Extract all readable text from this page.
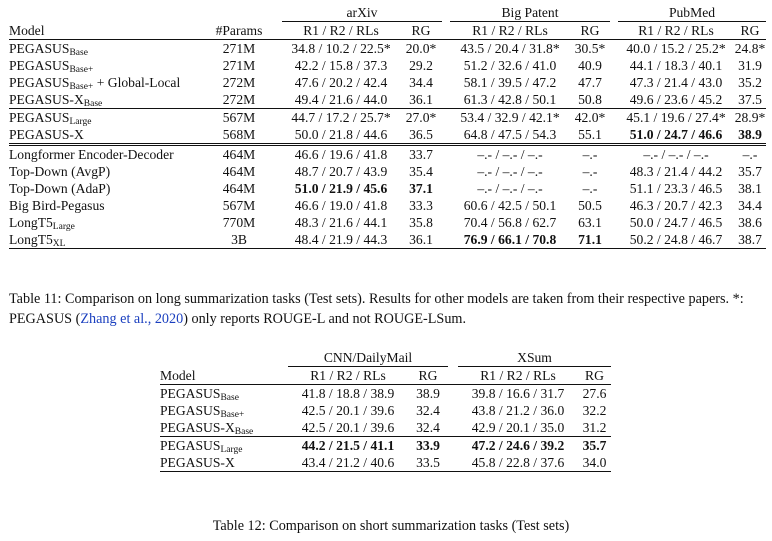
			arXiv			Big Patent			PubMed	
Model	#Params		R1 / R2 / RLs	RG		R1 / R2 / RLs	RG		R1 / R2 / RLs	RG
$PEGASUS_{Base}$	271M		34.8 / 10.2 / 22.5*	20.0*		43.5 / 20.4 / 31.8*	30.5*		40.0 / 15.2 / 25.2*	24.8*
$PEGASUS_{Base+}$	271M		42.2 / 15.8 / 37.3	29.2		51.2 / 32.6 / 41.0	40.9		44.1 / 18.3 / 40.1	31.9
$PEGASUS_{Base+}$ + Global-Local	272M		47.6 / 20.2 / 42.4	34.4		58.1 / 39.5 / 47.2	47.7		47.3 / 21.4 / 43.0	35.2
PEGASUS-$X_{Base}$	272M		49.4 / 21.6 / 44.0	36.1		61.3 / 42.8 / 50.1	50.8		49.6 / 23.6 / 45.2	37.5
$PEGASUS_{Large}$	567M		44.7 / 17.2 / 25.7*	27.0*		53.4 / 32.9 / 42.1*	42.0*		45.1 / 19.6 / 27.4*	28.9*
PEGASUS-X	568M		50.0 / 21.8 / 44.6	36.5		64.8 / 47.5 / 54.3	55.1		51.0 / 24.7 / 46.6	38.9
Longformer Encoder-Decoder	464M		46.6 / 19.6 / 41.8	33.7		–.- / –.- / –.-	–.-		–.- / –.- / –.-	–.-
Top-Down (AvgP)	464M		48.7 / 20.7 / 43.9	35.4		–.- / –.- / –.-	–.-		48.3 / 21.4 / 44.2	35.7
Top-Down (AdaP)	464M		51.0 / 21.9 / 45.6	37.1		–.- / –.- / –.-	–.-		51.1 / 23.3 / 46.5	38.1
Big Bird-Pegasus	567M		46.6 / 19.0 / 41.8	33.3		60.6 / 42.5 / 50.1	50.5		46.3 / 20.7 / 42.3	34.4
$LongT5_{Large}$	770M		48.3 / 21.6 / 44.1	35.8		70.4 / 56.8 / 62.7	63.1		50.0 / 24.7 / 46.5	38.6
$LongT5_{XL}$	3B		48.4 / 21.9 / 44.3	36.1		76.9 / 66.1 / 70.8	71.1		50.2 / 24.8 / 46.7	38.7
Table 11: Comparison on long summarization tasks (Test sets). Results for other models are taken from their respective papers. *: PEGASUS (Zhang et al., 2020) only reports ROUGE-L and not ROUGE-LSum.
		CNN/DailyMail			XSum	
Model		R1 / R2 / RLs	RG		R1 / R2 / RLs	RG
$PEGASUS_{Base}$		41.8 / 18.8 / 38.9	38.9		39.8 / 16.6 / 31.7	27.6
$PEGASUS_{Base+}$		42.5 / 20.1 / 39.6	32.4		43.8 / 21.2 / 36.0	32.2
PEGASUS-$X_{Base}$		42.5 / 20.1 / 39.6	32.4		42.9 / 20.1 / 35.0	31.2
$PEGASUS_{Large}$		44.2 / 21.5 / 41.1	33.9		47.2 / 24.6 / 39.2	35.7
PEGASUS-X		43.4 / 21.2 / 40.6	33.5		45.8 / 22.8 / 37.6	34.0
Table 12: Comparison on short summarization tasks (Test sets)
